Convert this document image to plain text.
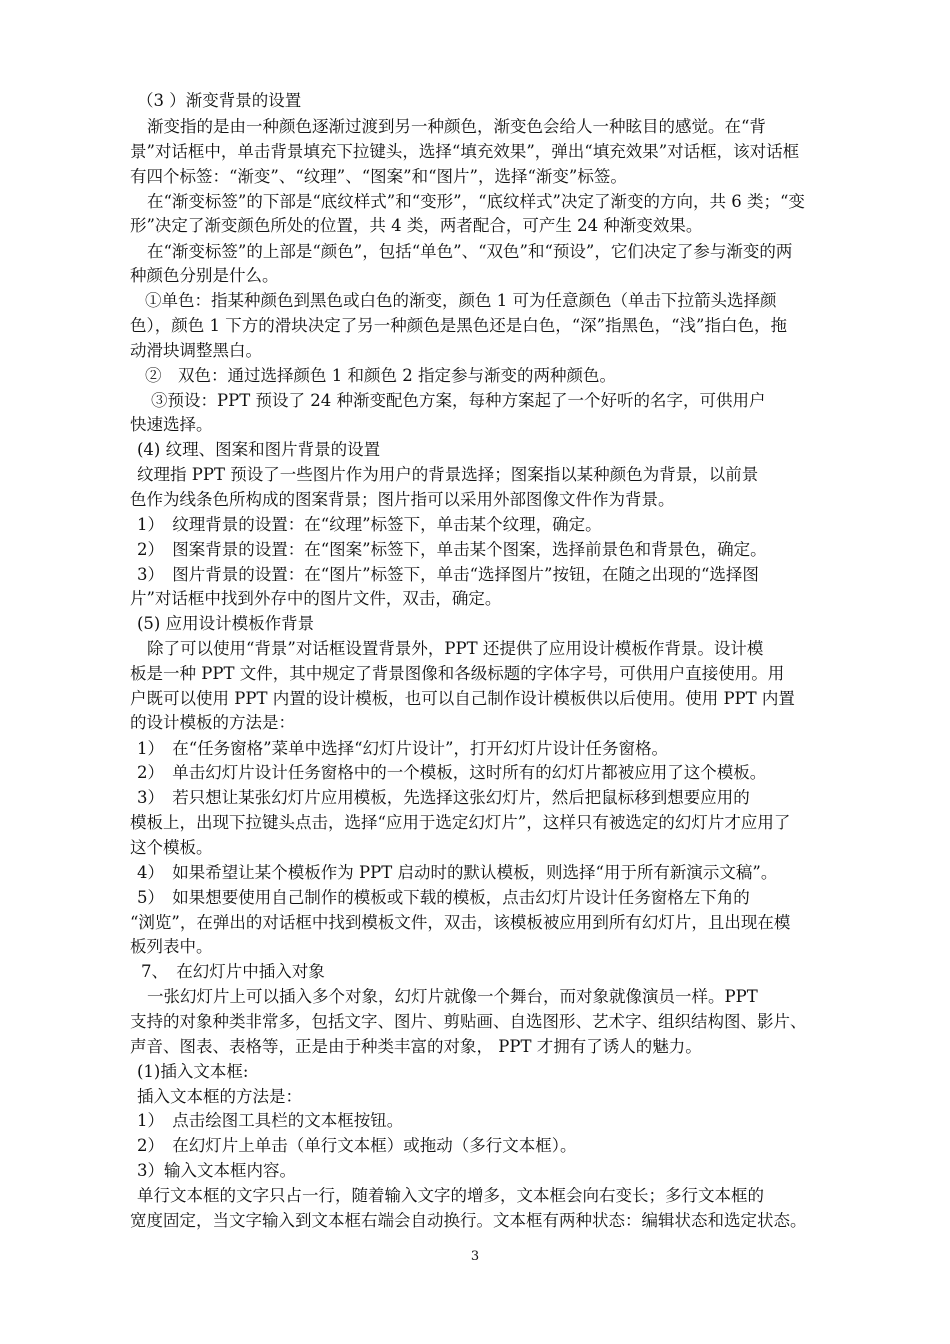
（3 ）渐变背景的设置
渐变指的是由一种颜色逐渐过渡到另一种颜色，渐变色会给人一种眩目的感觉。在“背
景”对话框中，单击背景填充下拉键头，选择“填充效果”，弹出“填充效果”对话框，该对话框
有四个标签：“渐变”、“纹理”、“图案”和“图片”，选择“渐变”标签。
在“渐变标签”的下部是“底纹样式”和“变形”，“底纹样式”决定了渐变的方向，共 6 类；“变
形”决定了渐变颜色所处的位置，共 4 类，两者配合，可产生 24 种渐变效果。
在“渐变标签”的上部是“颜色”，包括“单色”、“双色”和“预设”，它们决定了参与渐变的两
种颜色分别是什么。
①单色：指某种颜色到黑色或白色的渐变，颜色 1 可为任意颜色（单击下拉箭头选择颜
色），颜色 1 下方的滑块决定了另一种颜色是黑色还是白色，“深”指黑色，“浅”指白色，拖
动滑块调整黑白。
②　双色：通过选择颜色 1 和颜色 2 指定参与渐变的两种颜色。
③预设：PPT 预设了 24 种渐变配色方案，每种方案起了一个好听的名字，可供用户
快速选择。
(4) 纹理、图案和图片背景的设置
纹理指 PPT 预设了一些图片作为用户的背景选择；图案指以某种颜色为背景，以前景
色作为线条色所构成的图案背景；图片指可以采用外部图像文件作为背景。
1）　纹理背景的设置：在“纹理”标签下，单击某个纹理，确定。
2）　图案背景的设置：在“图案”标签下，单击某个图案，选择前景色和背景色，确定。
3）　图片背景的设置：在“图片”标签下，单击“选择图片”按钮，在随之出现的“选择图
片”对话框中找到外存中的图片文件，双击，确定。
(5) 应用设计模板作背景
除了可以使用“背景”对话框设置背景外，PPT 还提供了应用设计模板作背景。设计模
板是一种 PPT 文件，其中规定了背景图像和各级标题的字体字号，可供用户直接使用。用
户既可以使用 PPT 内置的设计模板，也可以自己制作设计模板供以后使用。使用 PPT 内置
的设计模板的方法是：
1）　在“任务窗格”菜单中选择“幻灯片设计”，打开幻灯片设计任务窗格。
2）　单击幻灯片设计任务窗格中的一个模板，这时所有的幻灯片都被应用了这个模板。
3）　若只想让某张幻灯片应用模板，先选择这张幻灯片，然后把鼠标移到想要应用的
模板上，出现下拉键头点击，选择“应用于选定幻灯片”，这样只有被选定的幻灯片才应用了
这个模板。
4）　如果希望让某个模板作为 PPT 启动时的默认模板，则选择“用于所有新演示文稿”。
5）　如果想要使用自己制作的模板或下载的模板，点击幻灯片设计任务窗格左下角的
“浏览”，在弹出的对话框中找到模板文件，双击，该模板被应用到所有幻灯片，且出现在模
板列表中。
7、　在幻灯片中插入对象
一张幻灯片上可以插入多个对象，幻灯片就像一个舞台，而对象就像演员一样。PPT
支持的对象种类非常多，包括文字、图片、剪贴画、自选图形、艺术字、组织结构图、影片、
声音、图表、表格等，正是由于种类丰富的对象， PPT 才拥有了诱人的魅力。
(1)插入文本框:
插入文本框的方法是：
1）　点击绘图工具栏的文本框按钮。
2）　在幻灯片上单击（单行文本框）或拖动（多行文本框）。
3）输入文本框内容。
单行文本框的文字只占一行，随着输入文字的增多，文本框会向右变长；多行文本框的
宽度固定，当文字输入到文本框右端会自动换行。文本框有两种状态：编辑状态和选定状态。
3
